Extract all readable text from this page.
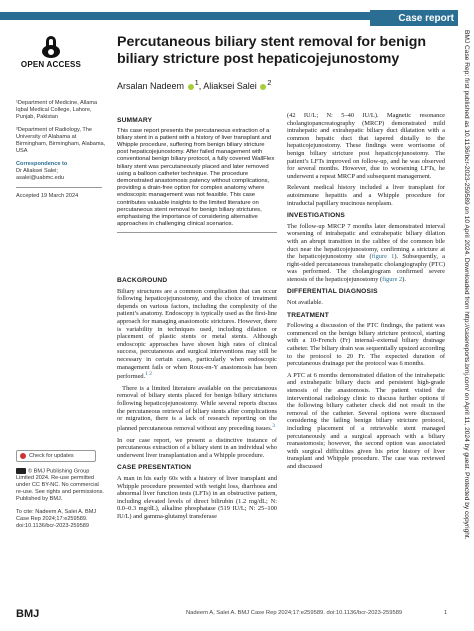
Case report
BMJ Case Rep: first published as 10.1136/bcr-2023-259589 on 10 April 2024. Downloaded from http://casereports.bmj.com/ on April 11, 2024 by guest. Protected by copyright.
OPEN ACCESS

¹Department of Medicine, Allama Iqbal Medical College, Lahore, Punjab, Pakistan

²Department of Radiology, The University of Alabama at Birmingham, Birmingham, Alabama, USA

Correspondence to
Dr Aliaksei Salei;
asalei@uabmc.edu
Accepted 19 March 2024
Check for updates

© BMJ Publishing Group Limited 2024. Re-use permitted under CC BY-NC. No commercial re-use. See rights and permissions. Published by BMJ.

To cite: Nadeem A, Salei A. BMJ Case Rep 2024;17:e259589. doi:10.1136/bcr-2023-259589

Percutaneous biliary stent removal for benign biliary stricture post hepaticojejunostomy
Arsalan Nadeem $^1$, Aliaksei Salei $^2$
SUMMARY

This case report presents the percutaneous extraction of a biliary stent in a patient with a history of liver transplant and Whipple procedure, suffering from benign biliary stricture post hepaticojejunostomy. After failed management with conventional benign biliary protocol, a fully covered WallFlex biliary stent was percutaneously placed and later removed using a balloon catheter technique. The procedure demonstrated anastomosis patency without complications, providing a drain-free option for complex anatomy where endoscopic management was not feasible. This case contributes valuable insights to the limited literature on percutaneous stent removal for benign biliary strictures, emphasising the importance of considering alternative approaches in challenging clinical scenarios.

BACKGROUND

Biliary structures are a common complication that can occur following hepaticojejunostomy, and the choice of treatment depends on various factors, including the complexity of the patient’s anatomy. Endoscopy is typically used as the first-line approach for managing anastomotic strictures. However, there is variability in techniques used, including dilation or placement of plastic stents or metal stents. Although endoscopic approaches have shown high rates of clinical success, percutaneous and surgical interventions may still be necessary in certain cases, particularly when endoscopic management fails or when Roux-en-Y anastomosis has been performed.$^{1 2}$

There is a limited literature available on the percutaneous removal of biliary stents placed for benign biliary strictures following hepaticojejunostomy. While several reports discuss the percutaneous retrieval of biliary stents after complications or migration, there is a lack of research reporting on the planned percutaneous removal without any preceding issues.$^3$

In our case report, we present a distinctive instance of percutaneous extraction of a biliary stent in an individual who underwent liver transplantation and a Whipple procedure.

CASE PRESENTATION

A man in his early 60s with a history of liver transplant and Whipple procedure presented with weight loss, diarrhoea and abnormal liver function tests (LFTs) in an obstructive pattern, including elevated levels of direct bilirubin (1.2 mg/dL; N: 0.0–0.3 mg/dL), alkaline phosphatase (519 IU/L; N: 25–100 IU/L) and gamma-glutamyl transferase

(42 IU/L; N: 5–40 IU/L). Magnetic resonance cholangiopancreatography (MRCP) demonstrated mild intrahepatic and extrahepatic biliary duct dilatation with a common hepatic duct that tapered distally to the hepaticojejunostomy. These findings were worrisome of benign biliary stricture post hepaticojejunostomy. The patient’s LFTs improved on follow-up, and he was observed for several months. However, due to worsening LFTs, he underwent a repeat MRCP and subsequent management.

Relevant medical history included a liver transplant for autoimmune hepatitis and a Whipple procedure for intraductal papillary mucinous neoplasm.

INVESTIGATIONS

The follow-up MRCP 7 months later demonstrated interval worsening of intrahepatic and extrahepatic biliary dilation with an abrupt transition in the calibre of the common bile duct near the hepaticojejunostomy, confirming a stricture at the hepaticojejunostomy site (figure 1). Subsequently, a right-sided percutaneous transhepatic cholangiography (PTC) was performed. The cholangiogram confirmed severe stenosis of the hepaticojejunostomy (figure 2).

DIFFERENTIAL DIAGNOSIS

Not available.

TREATMENT

Following a discussion of the PTC findings, the patient was commenced on the benign biliary stricture protocol, starting with a 10-French (Fr) internal–external biliary drainage catheter. The biliary drain was sequentially upsized according to the protocol to 20 Fr. The expected duration of percutaneous drainage per the protocol was 6 months.

A PTC at 6 months demonstrated dilation of the intrahepatic and extrahepatic biliary ducts and persistent high-grade stenosis of the anastomosis. The patient visited the interventional radiology clinic to discuss further options if the following biliary catheter check did not result in the removal of the catheter. Several options were discussed considering the failing benign biliary stricture protocol, including placement of a retrievable stent managed percutaneously and a surgical approach with a biliary reanastomosis; however, the second option was associated with surgical difficulties given his prior history of liver transplant and Whipple procedure. The case was reviewed and discussed

BMJ	Nadeem A, Salei A. BMJ Case Rep 2024;17:e259589. doi:10.1136/bcr-2023-259589	1
